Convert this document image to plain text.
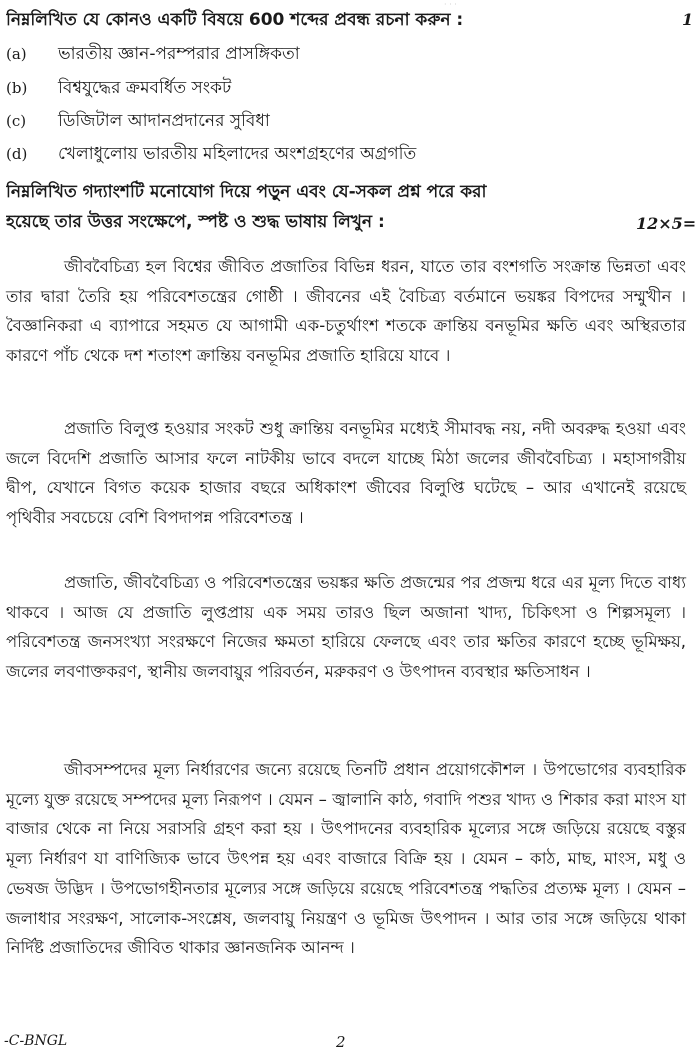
· · ·
নিম্নলিখিত যে কোনও একটি বিষয়ে 600 শব্দের প্রবন্ধ রচনা করুন :	1
(a) ভারতীয় জ্ঞান-পরম্পরার প্রাসঙ্গিকতা
(b) বিশ্বযুদ্ধের ক্রমবর্ধিত সংকট
(c) ডিজিটাল আদানপ্রদানের সুবিধা
(d) খেলাধুলোয় ভারতীয় মহিলাদের অংশগ্রহণের অগ্রগতি
নিম্নলিখিত গদ্যাংশটি মনোযোগ দিয়ে পড়ুন এবং যে-সকল প্রশ্ন পরে করা
হয়েছে তার উত্তর সংক্ষেপে, স্পষ্ট ও শুদ্ধ ভাষায় লিখুন :	12×5=

জীববৈচিত্র্য হল বিশ্বের জীবিত প্রজাতির বিভিন্ন ধরন, যাতে তার বংশগতি সংক্রান্ত ভিন্নতা এবং তার দ্বারা তৈরি হয় পরিবেশতন্ত্রের গোষ্ঠী । জীবনের এই বৈচিত্র্য বর্তমানে ভয়ঙ্কর বিপদের সম্মুখীন । বৈজ্ঞানিকরা এ ব্যাপারে সহমত যে আগামী এক-চতুর্থাংশ শতকে ক্রান্তিয় বনভূমির ক্ষতি এবং অস্থিরতার কারণে পাঁচ থেকে দশ শতাংশ ক্রান্তিয় বনভূমির প্রজাতি হারিয়ে যাবে ।

প্রজাতি বিলুপ্ত হওয়ার সংকট শুধু ক্রান্তিয় বনভূমির মধ্যেই সীমাবদ্ধ নয়, নদী অবরুদ্ধ হওয়া এবং জলে বিদেশি প্রজাতি আসার ফলে নাটকীয় ভাবে বদলে যাচ্ছে মিঠা জলের জীববৈচিত্র্য । মহাসাগরীয় দ্বীপ, যেখানে বিগত কয়েক হাজার বছরে অধিকাংশ জীবের বিলুপ্তি ঘটেছে – আর এখানেই রয়েছে পৃথিবীর সবচেয়ে বেশি বিপদাপন্ন পরিবেশতন্ত্র ।

প্রজাতি, জীববৈচিত্র্য ও পরিবেশতন্ত্রের ভয়ঙ্কর ক্ষতি প্রজন্মের পর প্রজন্ম ধরে এর মূল্য দিতে বাধ্য থাকবে । আজ যে প্রজাতি লুপ্তপ্রায় এক সময় তারও ছিল অজানা খাদ্য, চিকিৎসা ও শিল্পসমূল্য । পরিবেশতন্ত্র জনসংখ্যা সংরক্ষণে নিজের ক্ষমতা হারিয়ে ফেলছে এবং তার ক্ষতির কারণে হচ্ছে ভূমিক্ষয়, জলের লবণাক্তকরণ, স্থানীয় জলবায়ুর পরিবর্তন, মরুকরণ ও উৎপাদন ব্যবস্থার ক্ষতিসাধন ।

জীবসম্পদের মূল্য নির্ধারণের জন্যে রয়েছে তিনটি প্রধান প্রয়োগকৌশল । উপভোগের ব্যবহারিক মূল্যে যুক্ত রয়েছে সম্পদের মূল্য নিরূপণ । যেমন – জ্বালানি কাঠ, গবাদি পশুর খাদ্য ও শিকার করা মাংস যা বাজার থেকে না নিয়ে সরাসরি গ্রহণ করা হয় । উৎপাদনের ব্যবহারিক মূল্যের সঙ্গে জড়িয়ে রয়েছে বস্তুর মূল্য নির্ধারণ যা বাণিজ্যিক ভাবে উৎপন্ন হয় এবং বাজারে বিক্রি হয় । যেমন – কাঠ, মাছ, মাংস, মধু ও ভেষজ উদ্ভিদ । উপভোগহীনতার মূল্যের সঙ্গে জড়িয়ে রয়েছে পরিবেশতন্ত্র পদ্ধতির প্রত্যক্ষ মূল্য । যেমন – জলাধার সংরক্ষণ, সালোক-সংশ্লেষ, জলবায়ু নিয়ন্ত্রণ ও ভূমিজ উৎপাদন । আর তার সঙ্গে জড়িয়ে থাকা নির্দিষ্ট প্রজাতিদের জীবিত থাকার জ্ঞানজনিক আনন্দ ।

-C-BNGL	2
